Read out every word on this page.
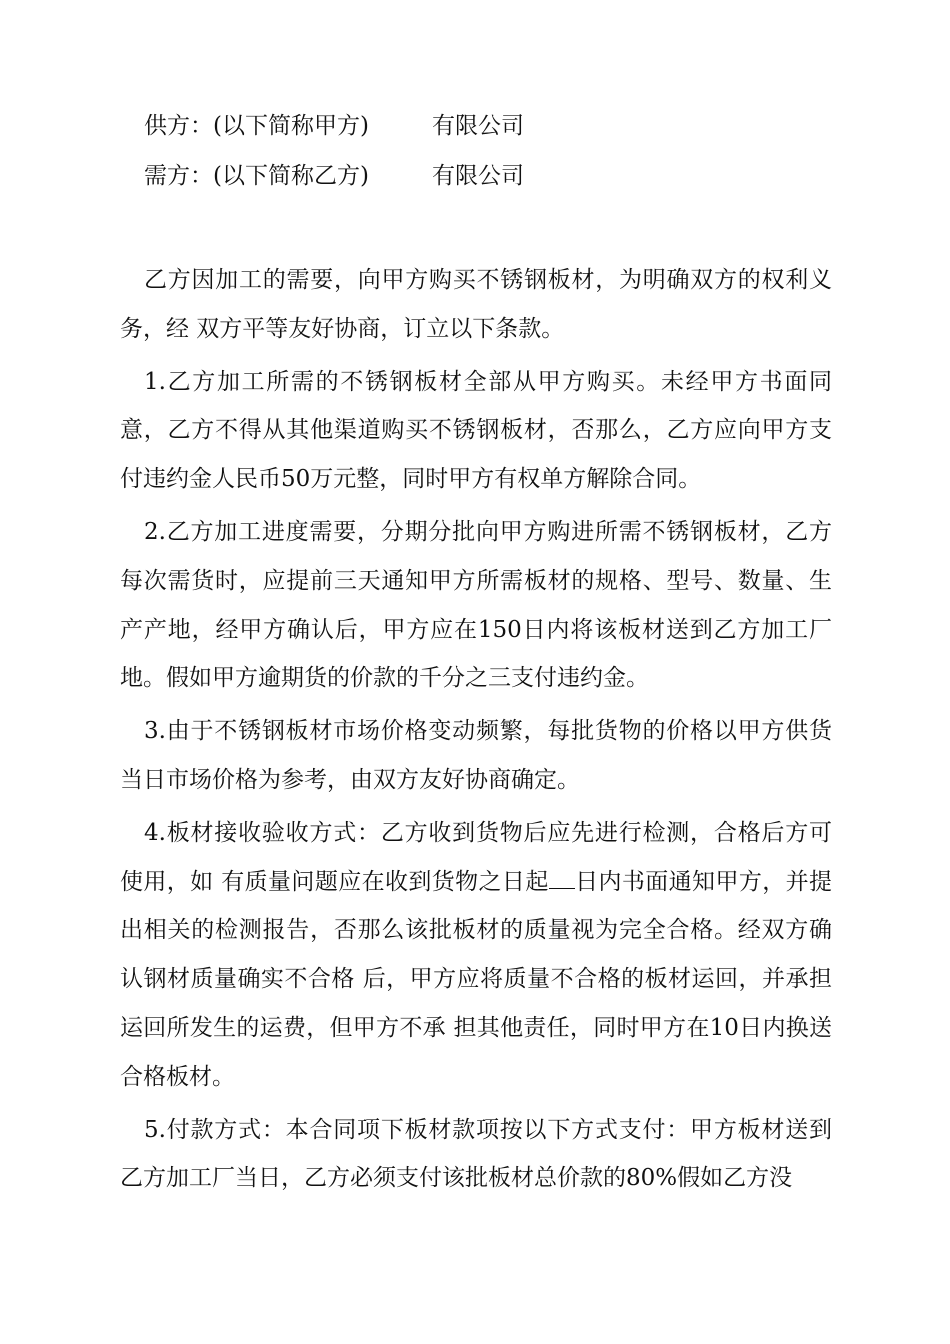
供方：(以下简称甲方)	有限公司
需方：(以下简称乙方)	有限公司

乙方因加工的需要，向甲方购买不锈钢板材，为明确双方的权利义务，经 双方平等友好协商，订立以下条款。

1.乙方加工所需的不锈钢板材全部从甲方购买。未经甲方书面同意，乙方不得从其他渠道购买不锈钢板材，否那么，乙方应向甲方支付违约金人民币50万元整，同时甲方有权单方解除合同。

2.乙方加工进度需要，分期分批向甲方购进所需不锈钢板材，乙方每次需货时，应提前三天通知甲方所需板材的规格、型号、数量、生产产地，经甲方确认后，甲方应在150日内将该板材送到乙方加工厂地。假如甲方逾期货的价款的千分之三支付违约金。

3.由于不锈钢板材市场价格变动频繁，每批货物的价格以甲方供货当日市场价格为参考，由双方友好协商确定。

4.板材接收验收方式：乙方收到货物后应先进行检测，合格后方可使用，如 有质量问题应在收到货物之日起 日内书面通知甲方，并提出相关的检测报告，否那么该批板材的质量视为完全合格。经双方确认钢材质量确实不合格 后，甲方应将质量不合格的板材运回，并承担运回所发生的运费，但甲方不承 担其他责任，同时甲方在10日内换送合格板材。

5.付款方式：本合同项下板材款项按以下方式支付：甲方板材送到乙方加工厂当日，乙方必须支付该批板材总价款的80%假如乙方没
